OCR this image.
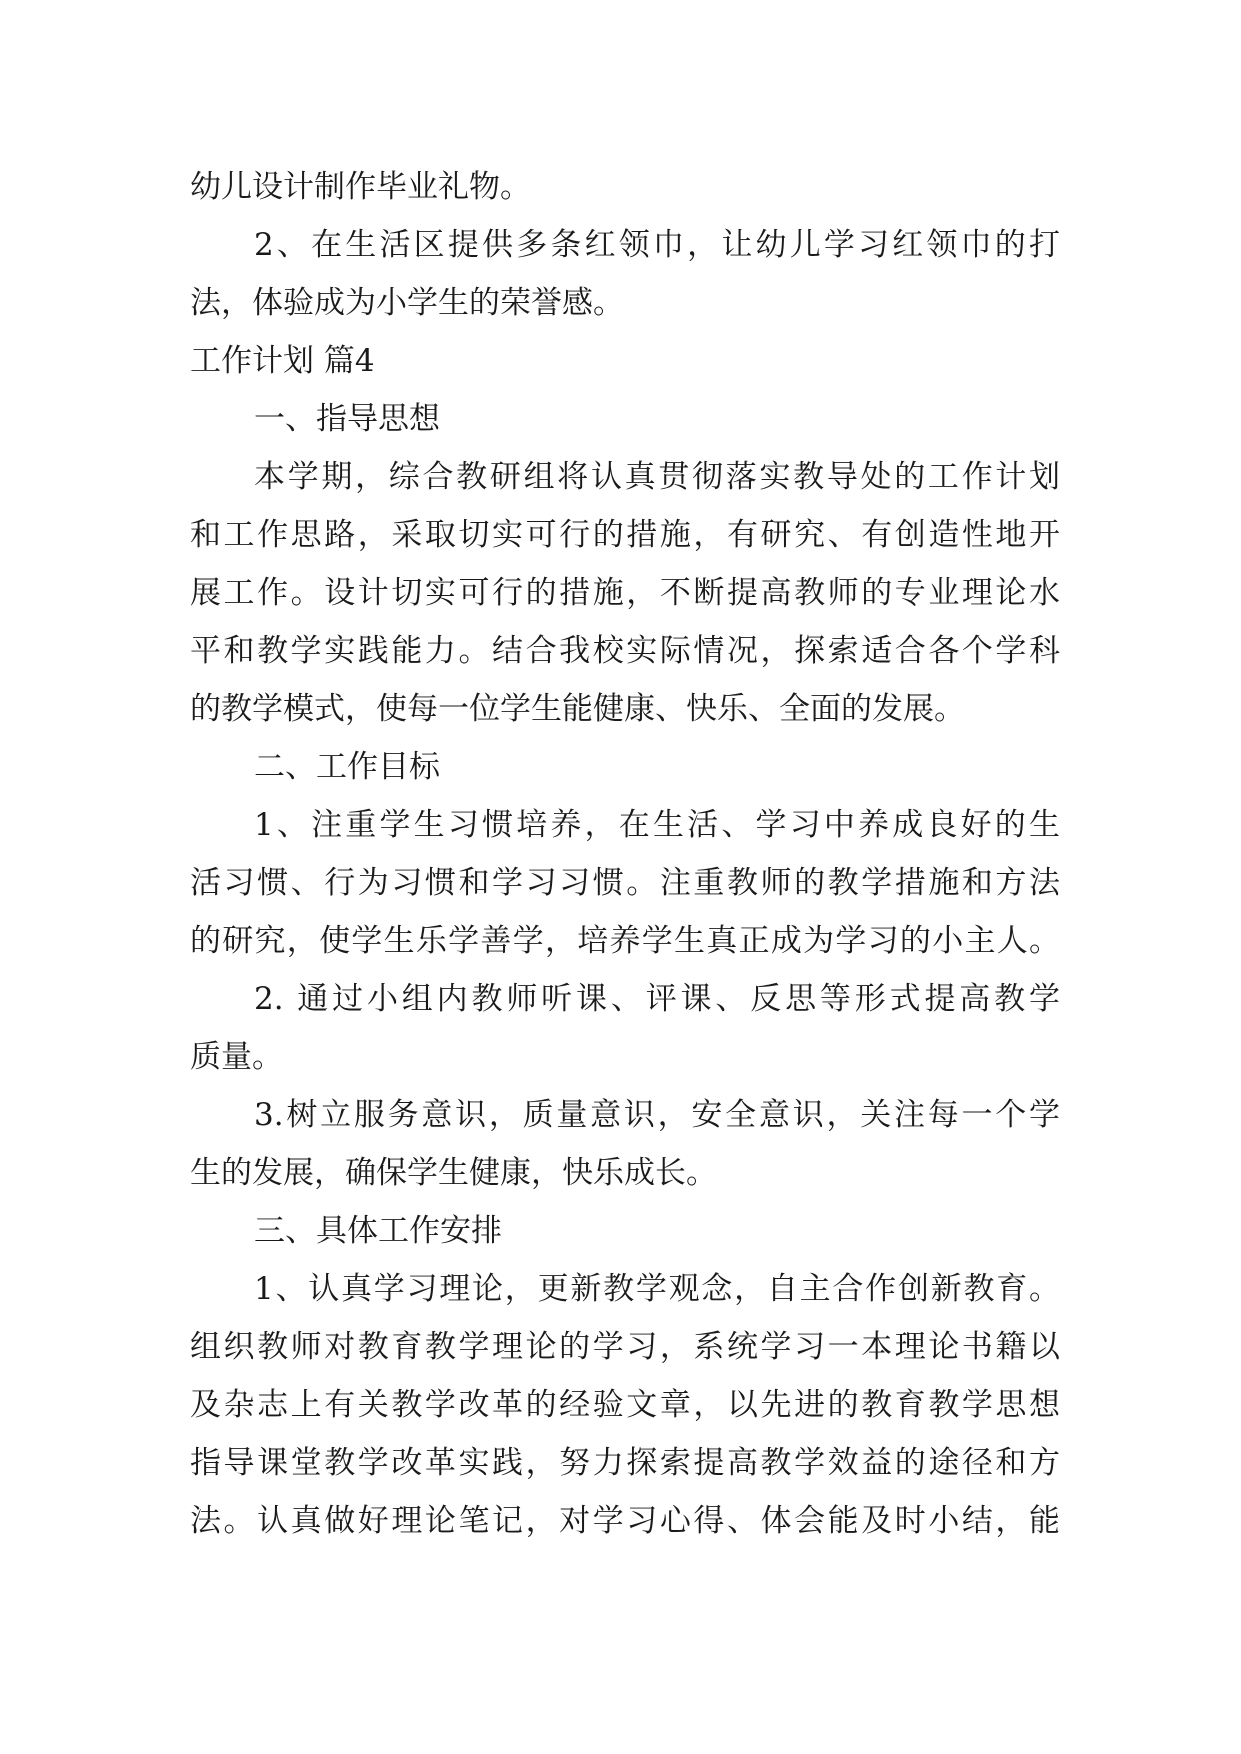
幼儿设计制作毕业礼物。
2、在生活区提供多条红领巾，让幼儿学习红领巾的打
法，体验成为小学生的荣誉感。
工作计划 篇4
一、指导思想
本学期，综合教研组将认真贯彻落实教导处的工作计划
和工作思路，采取切实可行的措施，有研究、有创造性地开
展工作。设计切实可行的措施，不断提高教师的专业理论水
平和教学实践能力。结合我校实际情况，探索适合各个学科
的教学模式，使每一位学生能健康、快乐、全面的发展。
二、工作目标
1、注重学生习惯培养，在生活、学习中养成良好的生
活习惯、行为习惯和学习习惯。注重教师的教学措施和方法
的研究，使学生乐学善学，培养学生真正成为学习的小主人。
2. 通过小组内教师听课、评课、反思等形式提高教学
质量。
3.树立服务意识，质量意识，安全意识，关注每一个学
生的发展，确保学生健康，快乐成长。
三、具体工作安排
1、认真学习理论，更新教学观念，自主合作创新教育。
组织教师对教育教学理论的学习，系统学习一本理论书籍以
及杂志上有关教学改革的经验文章，以先进的教育教学思想
指导课堂教学改革实践，努力探索提高教学效益的途径和方
法。认真做好理论笔记，对学习心得、体会能及时小结，能
